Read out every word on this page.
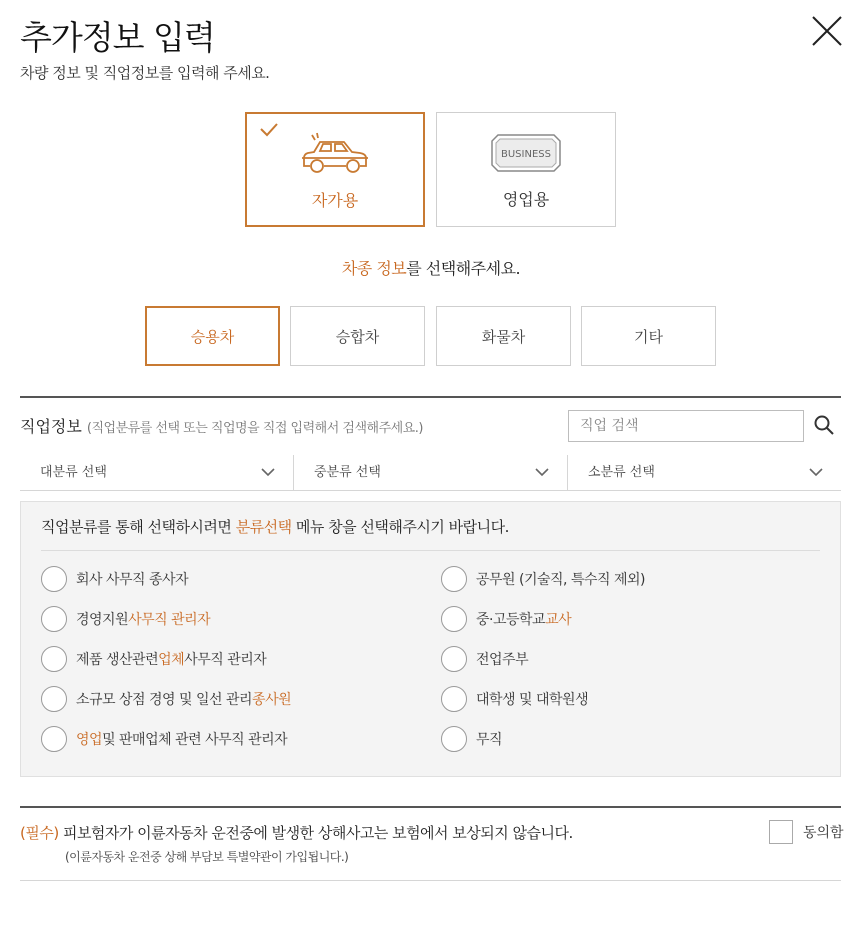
추가정보 입력

차량 정보 및 직업정보를 입력해 주세요.

자가용
BUSINESS
영업용
차종 정보를 선택해주세요.
승용차	승합차	화물차	기타
직업정보 (직업분류를 선택 또는 직업명을 직접 입력해서 검색해주세요.)
직업 검색
대분류 선택	중분류 선택	소분류 선택
직업분류를 통해 선택하시려면 분류선택 메뉴 창을 선택해주시기 바랍니다.
회사 사무직 종사자
경영지원 사무직 관리자
제품 생산관련 업체 사무직 관리자
소규모 상점 경영 및 일선 관리 종사원
영업 및 판매업체 관련 사무직 관리자
공무원 (기술직, 특수직 제외)
중·고등학교 교사
전업주부
대학생 및 대학원생
무직
(필수) 피보험자가 이륜자동차 운전중에 발생한 상해사고는 보험에서 보상되지 않습니다.
(이륜자동차 운전중 상해 부담보 특별약관이 가입됩니다.)
동의함
